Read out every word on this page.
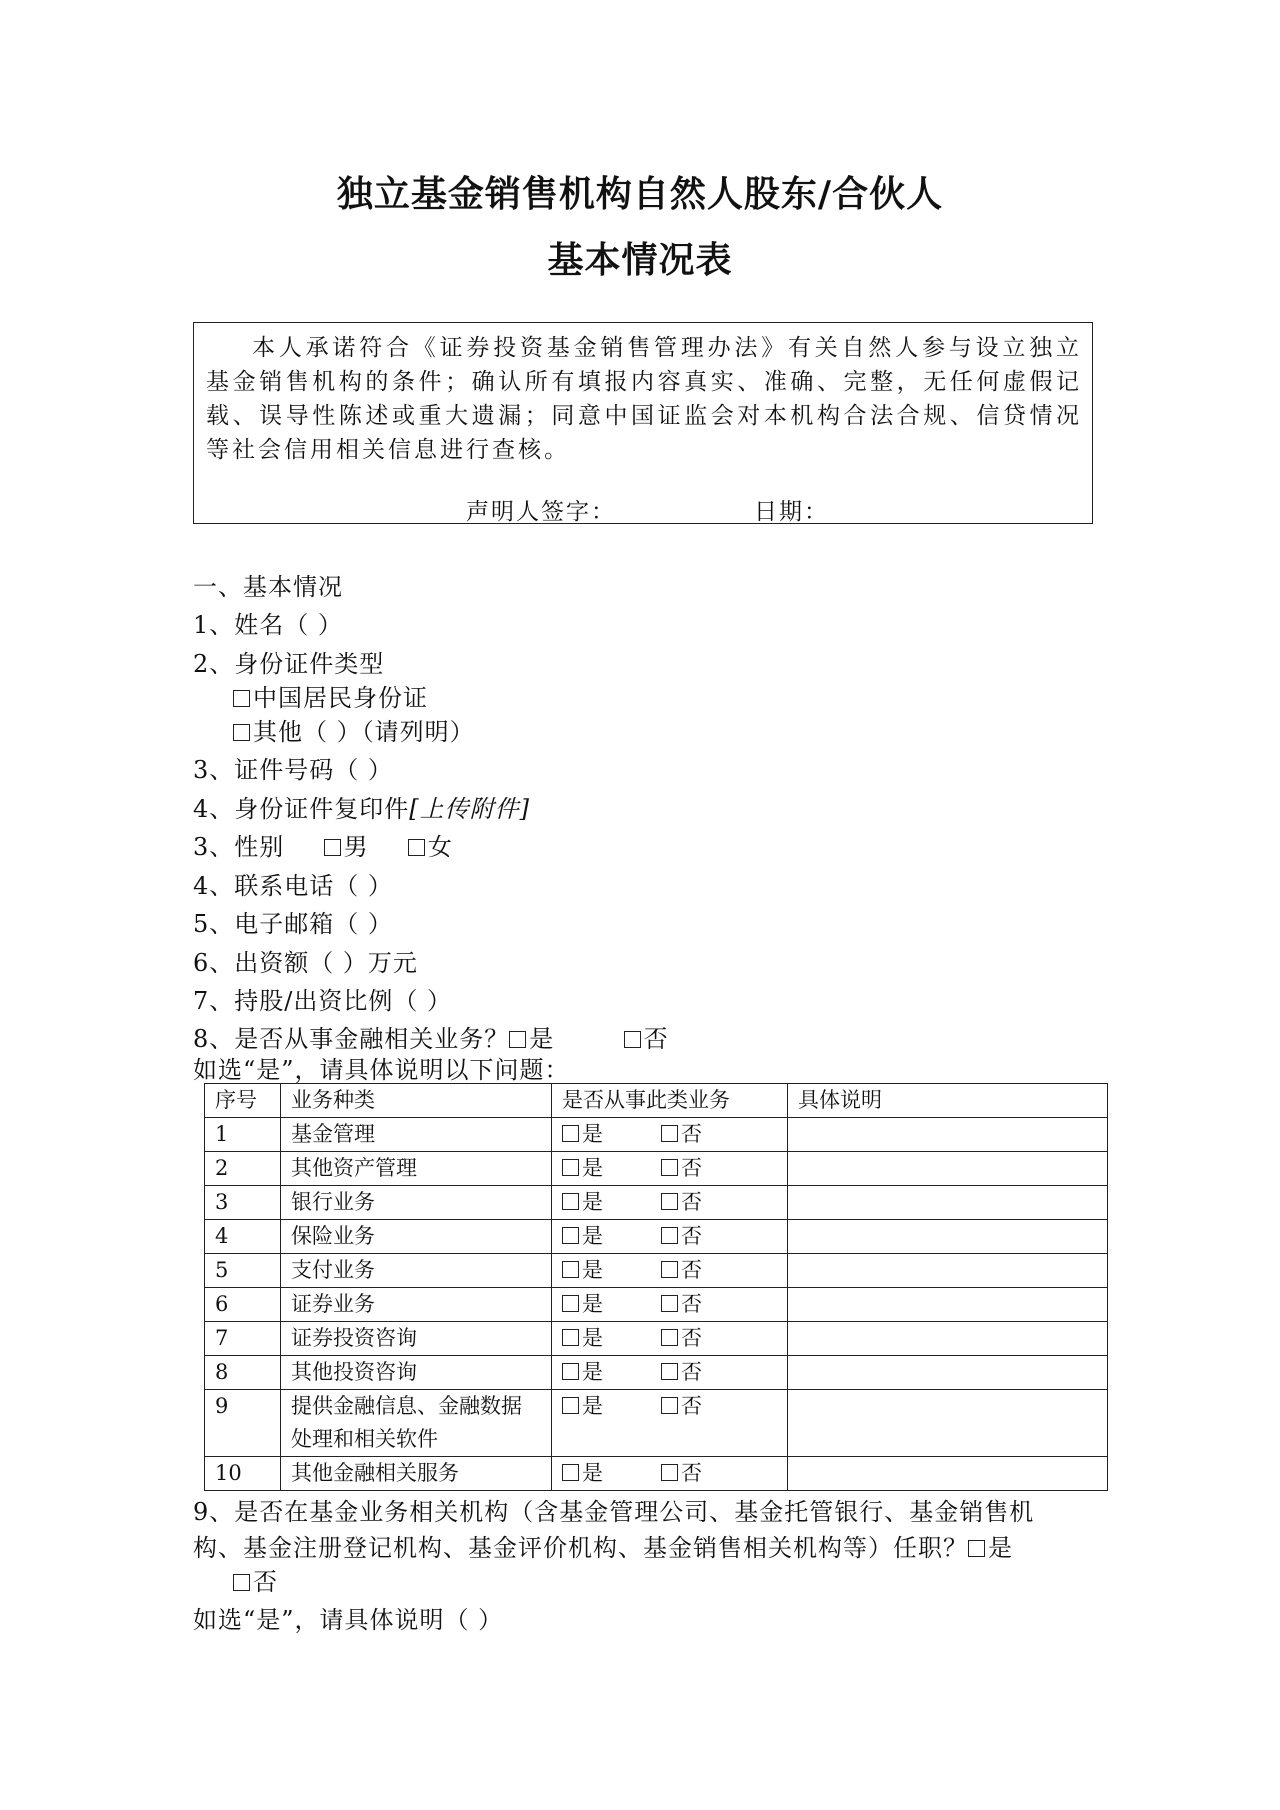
独立基金销售机构自然人股东/合伙人
基本情况表
本人承诺符合《证券投资基金销售管理办法》有关自然人参与设立独立基金销售机构的条件；确认所有填报内容真实、准确、完整，无任何虚假记载、误导性陈述或重大遗漏；同意中国证监会对本机构合法合规、信贷情况等社会信用相关信息进行查核。
声明人签字：	日期：
一、基本情况
1、姓名（ ）
2、身份证件类型
中国居民身份证
其他（ ）（请列明）
3、证件号码（ ）
4、身份证件复印件[上传附件]
3、性别 男 女
4、联系电话（ ）
5、电子邮箱（ ）
6、出资额（ ）万元
7、持股/出资比例（ ）
8、是否从事金融相关业务？ 是	否
如选“是”，请具体说明以下问题：
序号	业务种类	是否从事此类业务	具体说明
1	基金管理	是 否	
2	其他资产管理	是 否	
3	银行业务	是 否	
4	保险业务	是 否	
5	支付业务	是 否	
6	证券业务	是 否	
7	证券投资咨询	是 否	
8	其他投资咨询	是 否	
9	提供金融信息、金融数据处理和相关软件	是 否	
10	其他金融相关服务	是 否	
9、是否在基金业务相关机构（含基金管理公司、基金托管银行、基金销售机
构、基金注册登记机构、基金评价机构、基金销售相关机构等）任职？ 是
否
如选“是”，请具体说明（ ）
